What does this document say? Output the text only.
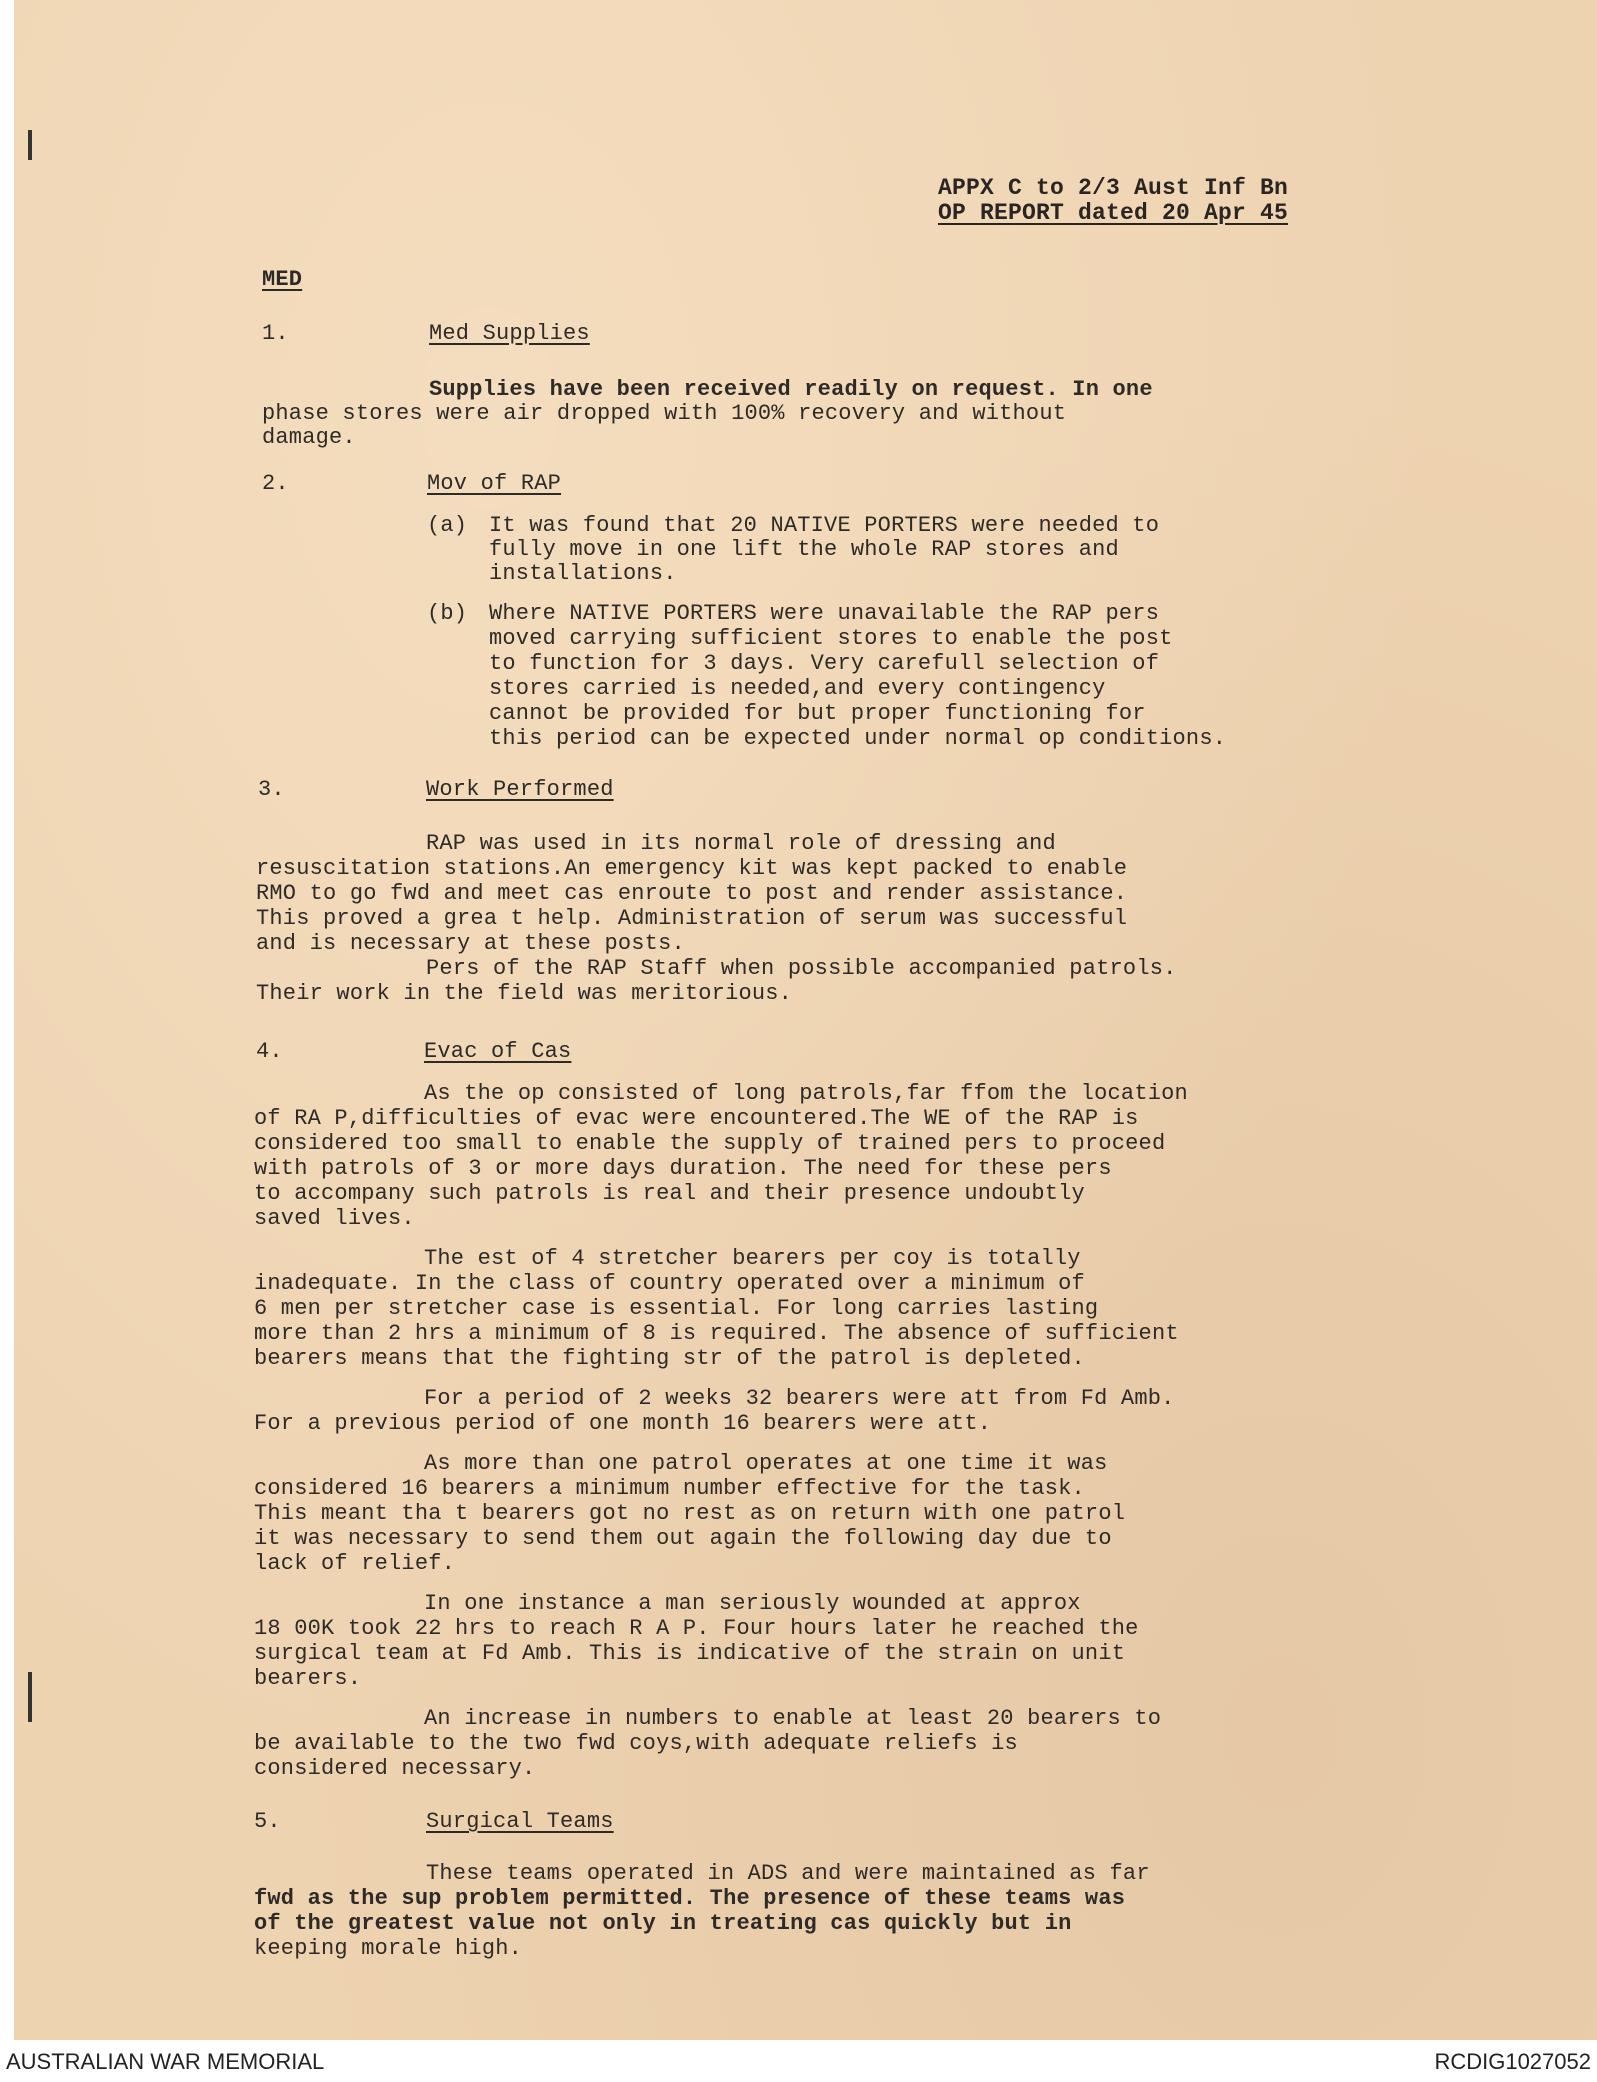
APPX C to 2/3 Aust Inf Bn
OP REPORT dated 20 Apr 45
MED
1.	Med Supplies
Supplies have been received readily on request. In one
phase stores were air dropped with 100% recovery and without
damage.
2.	Mov of RAP
(a) It was found that 20 NATIVE PORTERS were needed to
fully move in one lift the whole RAP stores and
installations.
(b) Where NATIVE PORTERS were unavailable the RAP pers
moved carrying sufficient stores to enable the post
to function for 3 days. Very carefull selection of
stores carried is needed,and every contingency
cannot be provided for but proper functioning for
this period can be expected under normal op conditions.
3.	Work Performed
RAP was used in its normal role of dressing and
resuscitation stations.An emergency kit was kept packed to enable
RMO to go fwd and meet cas enroute to post and render assistance.
This proved a grea t help. Administration of serum was successful
and is necessary at these posts.
Pers of the RAP Staff when possible accompanied patrols.
Their work in the field was meritorious.
4.	Evac of Cas
As the op consisted of long patrols,far ffom the location
of RA P,difficulties of evac were encountered.The WE of the RAP is
considered too small to enable the supply of trained pers to proceed
with patrols of 3 or more days duration. The need for these pers
to accompany such patrols is real and their presence undoubtly
saved lives.
The est of 4 stretcher bearers per coy is totally
inadequate. In the class of country operated over a minimum of
6 men per stretcher case is essential. For long carries lasting
more than 2 hrs a minimum of 8 is required. The absence of sufficient
bearers means that the fighting str of the patrol is depleted.
For a period of 2 weeks 32 bearers were att from Fd Amb.
For a previous period of one month 16 bearers were att.
As more than one patrol operates at one time it was
considered 16 bearers a minimum number effective for the task.
This meant tha t bearers got no rest as on return with one patrol
it was necessary to send them out again the following day due to
lack of relief.
In one instance a man seriously wounded at approx
18 00K took 22 hrs to reach R A P. Four hours later he reached the
surgical team at Fd Amb. This is indicative of the strain on unit
bearers.
An increase in numbers to enable at least 20 bearers to
be available to the two fwd coys,with adequate reliefs is
considered necessary.
5.	Surgical Teams
These teams operated in ADS and were maintained as far
fwd as the sup problem permitted. The presence of these teams was
of the greatest value not only in treating cas quickly but in
keeping morale high.
AUSTRALIAN WAR MEMORIAL	RCDIG1027052
